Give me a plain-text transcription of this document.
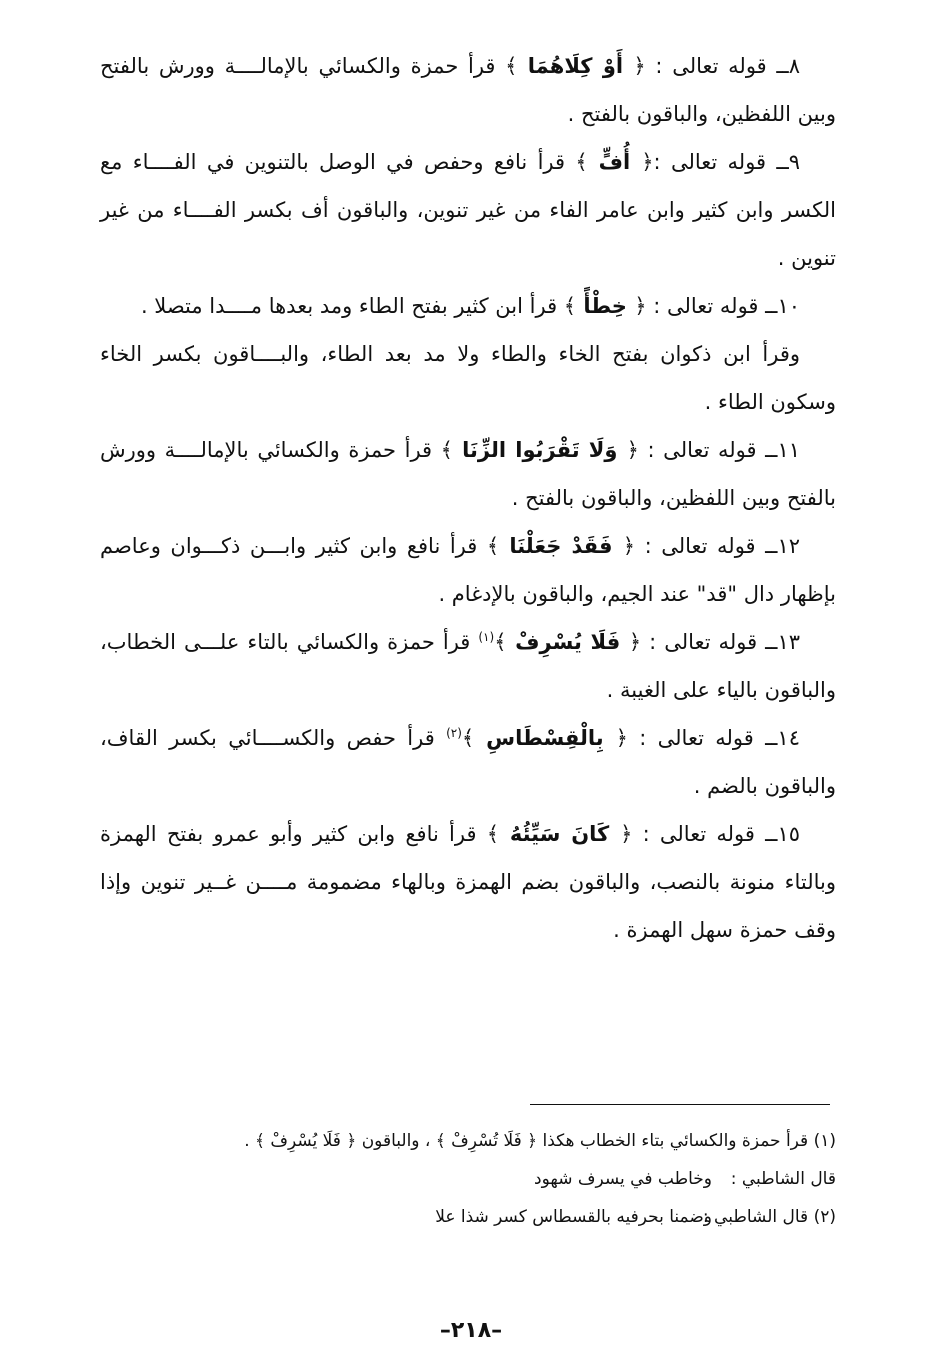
٨ــ قوله تعالى : ﴿ أَوْ كِلَاهُمَا ﴾ قرأ حمزة والكسائي بالإمالــــة وورش بالفتح وبين اللفظين، والباقون بالفتح .

٩ــ قوله تعالى :﴿ أُفٍّ ﴾ قرأ نافع وحفص في الوصل بالتنوين في الفــــاء مع الكسر وابن كثير وابن عامر الفاء من غير تنوين، والباقون أف بكسر الفــــاء من غير تنوين .

١٠ــ قوله تعالى : ﴿ خِطْأً ﴾ قرأ ابن كثير بفتح الطاء ومد بعدها مــــدا متصلا .

وقرأ ابن ذكوان بفتح الخاء والطاء ولا مد بعد الطاء، والبــــاقون بكسر الخاء وسكون الطاء .

١١ــ قوله تعالى : ﴿ وَلَا تَقْرَبُوا الزِّنَا ﴾ قرأ حمزة والكسائي بالإمالــــة وورش بالفتح وبين اللفظين، والباقون بالفتح .

١٢ــ قوله تعالى : ﴿ فَقَدْ جَعَلْنَا ﴾ قرأ نافع وابن كثير وابـــن ذكـــوان وعاصم بإظهار دال "قد" عند الجيم، والباقون بالإدغام .

١٣ــ قوله تعالى : ﴿ فَلَا يُسْرِفْ ﴾$^{(١)}$ قرأ حمزة والكسائي بالتاء علـــى الخطاب، والباقون بالياء على الغيبة .

١٤ــ قوله تعالى : ﴿ بِالْقِسْطَاسِ ﴾$^{(٢)}$ قرأ حفص والكســــائي بكسر القاف، والباقون بالضم .

١٥ــ قوله تعالى : ﴿ كَانَ سَيِّئُهُ ﴾ قرأ نافع وابن كثير وأبو عمرو بفتح الهمزة وبالتاء منونة بالنصب، والباقون بضم الهمزة وبالهاء مضمومة مــــن غــير تنوين وإذا وقف حمزة سهل الهمزة .

(١) قرأ حمزة والكسائي بتاء الخطاب هكذا ﴿ فَلَا تُسْرِفْ ﴾ ، والباقون ﴿ فَلَا يُسْرِفْ ﴾ .
قال الشاطبي :
وخاطب في يسرف شهود
(٢) قال الشاطبي :
وضمنا بحرفيه بالقسطاس كسر شذا علا
–٢١٨–
